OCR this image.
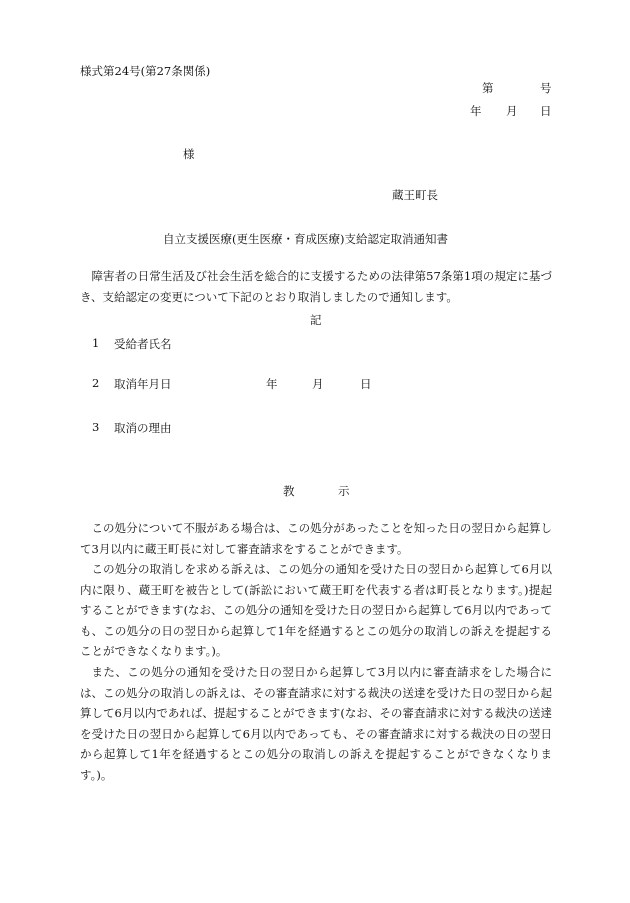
様式第24号(第27条関係)
第	号
年 月 日
様
蔵王町長
自立支援医療(更生医療・育成医療)支給認定取消通知書
障害者の日常生活及び社会生活を総合的に支援するための法律第57条第1項の規定に基づき、支給認定の変更について下記のとおり取消しましたので通知します。
記
1 受給者氏名
2 取消年月日	年	月	日
3 取消の理由
教	示
この処分について不服がある場合は、この処分があったことを知った日の翌日から起算して3月以内に蔵王町長に対して審査請求をすることができます。
この処分の取消しを求める訴えは、この処分の通知を受けた日の翌日から起算して6月以内に限り、蔵王町を被告として(訴訟において蔵王町を代表する者は町長となります。)提起することができます(なお、この処分の通知を受けた日の翌日から起算して6月以内であっても、この処分の日の翌日から起算して1年を経過するとこの処分の取消しの訴えを提起することができなくなります。)。
また、この処分の通知を受けた日の翌日から起算して3月以内に審査請求をした場合には、この処分の取消しの訴えは、その審査請求に対する裁決の送達を受けた日の翌日から起算して6月以内であれば、提起することができます(なお、その審査請求に対する裁決の送達を受けた日の翌日から起算して6月以内であっても、その審査請求に対する裁決の日の翌日から起算して1年を経過するとこの処分の取消しの訴えを提起することができなくなります。)。
